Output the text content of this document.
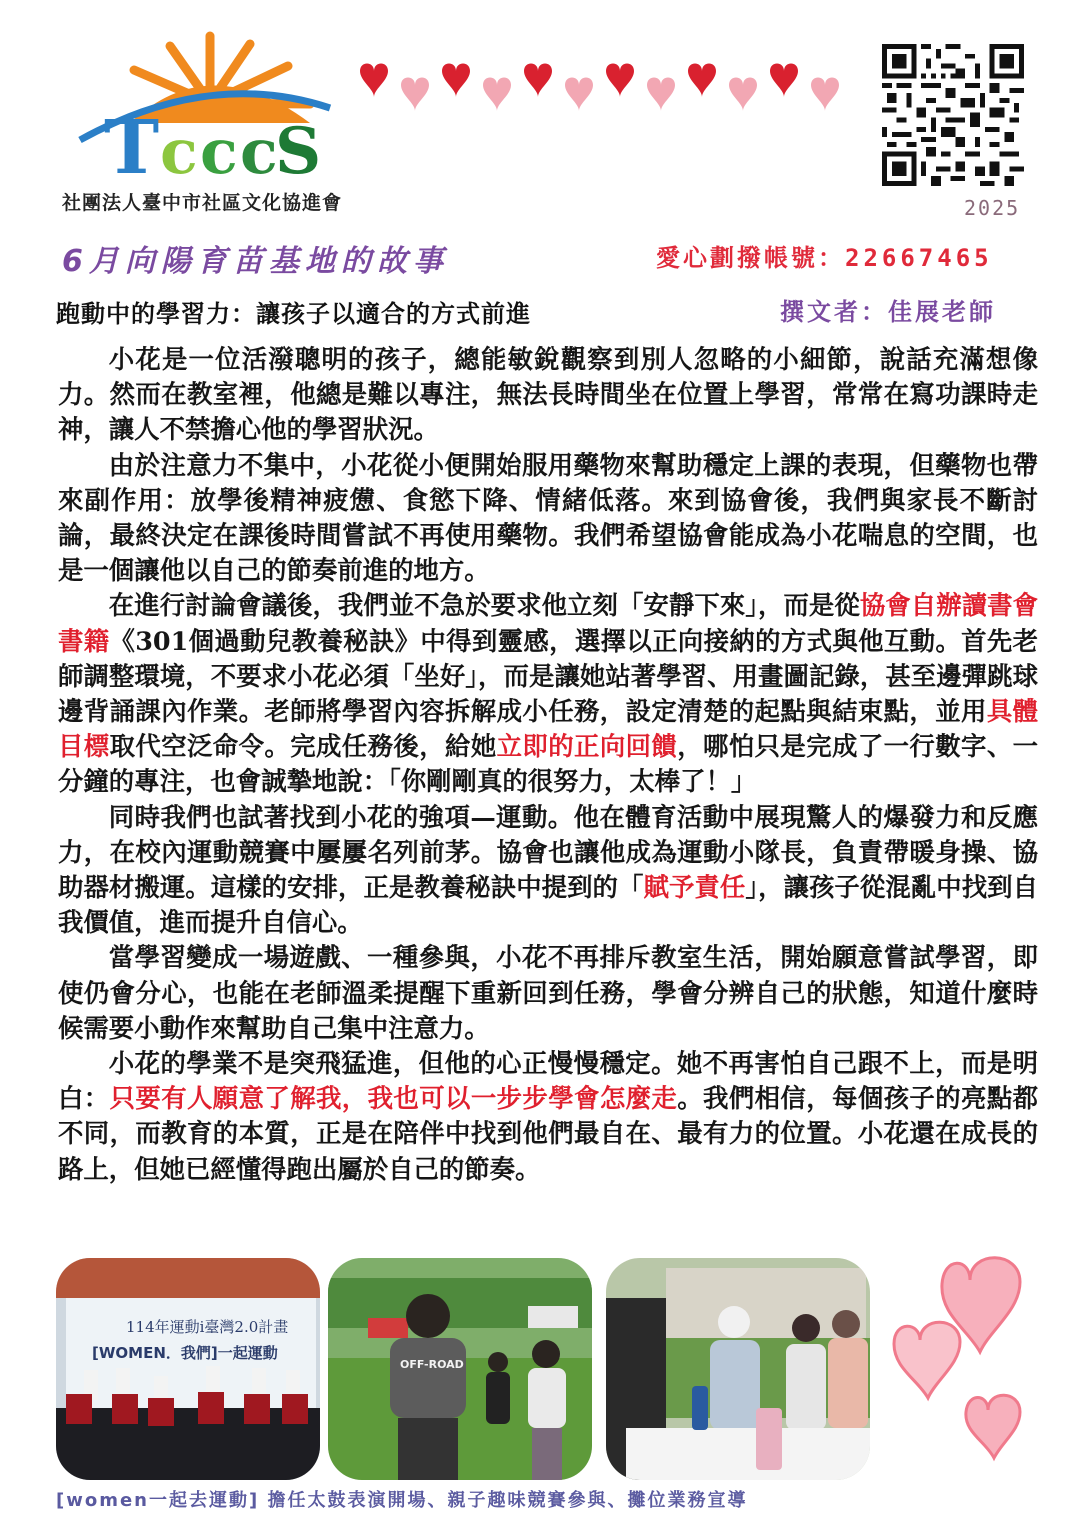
T c c c
S
社團法人臺中市社區文化協進會	2025
6月向陽育苗基地的故事	愛心劃撥帳號：22667465
跑動中的學習力：讓孩子以適合的方式前進	撰文者：佳展老師

小花是一位活潑聰明的孩子，總能敏銳觀察到別人忽略的小細節，說話充滿想像力。然而在教室裡，他總是難以專注，無法長時間坐在位置上學習，常常在寫功課時走神，讓人不禁擔心他的學習狀況。

由於注意力不集中，小花從小便開始服用藥物來幫助穩定上課的表現，但藥物也帶來副作用：放學後精神疲憊、食慾下降、情緒低落。來到協會後，我們與家長不斷討論，最終決定在課後時間嘗試不再使用藥物。我們希望協會能成為小花喘息的空間，也是一個讓他以自己的節奏前進的地方。

在進行討論會議後，我們並不急於要求他立刻「安靜下來」，而是從協會自辦讀書會書籍《301個過動兒教養秘訣》中得到靈感，選擇以正向接納的方式與他互動。首先老師調整環境，不要求小花必須「坐好」，而是讓她站著學習、用畫圖記錄，甚至邊彈跳球邊背誦課內作業。老師將學習內容拆解成小任務，設定清楚的起點與結束點，並用具體目標取代空泛命令。完成任務後，給她立即的正向回饋，哪怕只是完成了一行數字、一分鐘的專注，也會誠摯地說：「你剛剛真的很努力，太棒了！」

同時我們也試著找到小花的強項—運動。他在體育活動中展現驚人的爆發力和反應力，在校內運動競賽中屢屢名列前茅。協會也讓他成為運動小隊長，負責帶暖身操、協助器材搬運。這樣的安排，正是教養秘訣中提到的「賦予責任」，讓孩子從混亂中找到自我價值，進而提升自信心。

當學習變成一場遊戲、一種參與，小花不再排斥教室生活，開始願意嘗試學習，即使仍會分心，也能在老師溫柔提醒下重新回到任務，學會分辨自己的狀態，知道什麼時候需要小動作來幫助自己集中注意力。

小花的學業不是突飛猛進，但他的心正慢慢穩定。她不再害怕自己跟不上，而是明白：只要有人願意了解我，我也可以一步步學會怎麼走。我們相信，每個孩子的亮點都不同，而教育的本質，正是在陪伴中找到他們最自在、最有力的位置。小花還在成長的路上，但她已經懂得跑出屬於自己的節奏。

114年運動i臺灣2.0計畫
[WOMEN．我們]一起運動
OFF-ROAD
[women一起去運動] 擔任太鼓表演開場、親子趣味競賽參與、攤位業務宣導
